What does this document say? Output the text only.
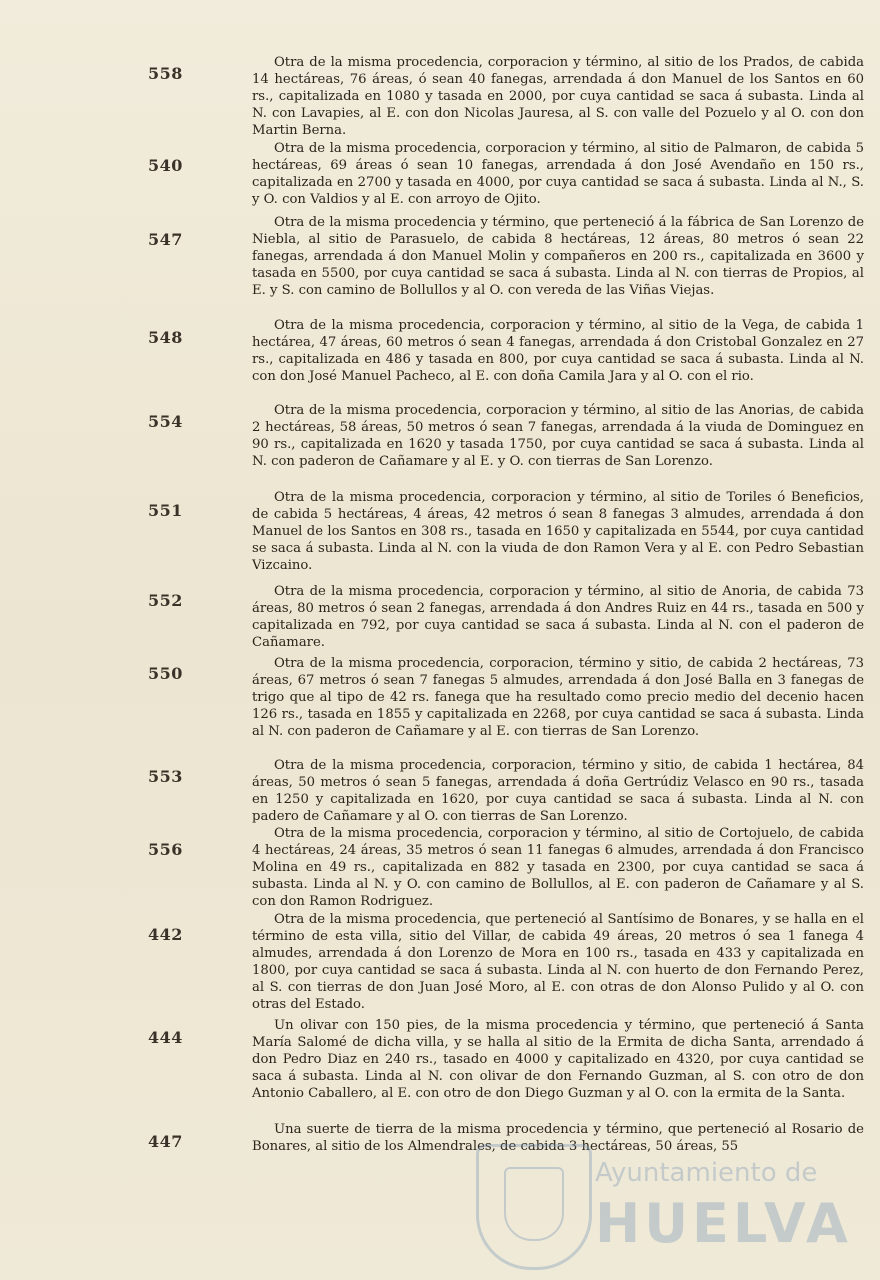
558
Otra de la misma procedencia, corporacion y término, al sitio de los Prados, de cabida 14 hectáreas, 76 áreas, ó sean 40 fanegas, arrendada á don Manuel de los Santos en 60 rs., capitalizada en 1080 y tasada en 2000, por cuya cantidad se saca á subasta. Linda al N. con Lavapies, al E. con don Nicolas Jauresa, al S. con valle del Pozuelo y al O. con don Martin Berna.
540
Otra de la misma procedencia, corporacion y término, al sitio de Palmaron, de cabida 5 hectáreas, 69 áreas ó sean 10 fanegas, arrendada á don José Avendaño en 150 rs., capitalizada en 2700 y tasada en 4000, por cuya cantidad se saca á subasta. Linda al N., S. y O. con Valdios y al E. con arroyo de Ojito.
547
Otra de la misma procedencia y término, que perteneció á la fábrica de San Lorenzo de Niebla, al sitio de Parasuelo, de cabida 8 hectáreas, 12 áreas, 80 metros ó sean 22 fanegas, arrendada á don Manuel Molin y compañeros en 200 rs., capitalizada en 3600 y tasada en 5500, por cuya cantidad se saca á subasta. Linda al N. con tierras de Propios, al E. y S. con camino de Bollullos y al O. con vereda de las Viñas Viejas.
548
Otra de la misma procedencia, corporacion y término, al sitio de la Vega, de cabida 1 hectárea, 47 áreas, 60 metros ó sean 4 fanegas, arrendada á don Cristobal Gonzalez en 27 rs., capitalizada en 486 y tasada en 800, por cuya cantidad se saca á subasta. Linda al N. con don José Manuel Pacheco, al E. con doña Camila Jara y al O. con el rio.
554
Otra de la misma procedencia, corporacion y término, al sitio de las Anorias, de cabida 2 hectáreas, 58 áreas, 50 metros ó sean 7 fanegas, arrendada á la viuda de Dominguez en 90 rs., capitalizada en 1620 y tasada 1750, por cuya cantidad se saca á subasta. Linda al N. con paderon de Cañamare y al E. y O. con tierras de San Lorenzo.
551
Otra de la misma procedencia, corporacion y término, al sitio de Toriles ó Beneficios, de cabida 5 hectáreas, 4 áreas, 42 metros ó sean 8 fanegas 3 almudes, arrendada á don Manuel de los Santos en 308 rs., tasada en 1650 y capitalizada en 5544, por cuya cantidad se saca á subasta. Linda al N. con la viuda de don Ramon Vera y al E. con Pedro Sebastian Vizcaino.
552	Otra de la misma procedencia, corporacion y término, al sitio de Anoria, de cabida 73 áreas, 80 metros ó sean 2 fanegas, arrendada á don Andres Ruiz en 44 rs., tasada en 500 y capitalizada en 792, por cuya cantidad se saca á subasta. Linda al N. con el paderon de Cañamare.
550
Otra de la misma procedencia, corporacion, término y sitio, de cabida 2 hectáreas, 73 áreas, 67 metros ó sean 7 fanegas 5 almudes, arrendada á don José Balla en 3 fanegas de trigo que al tipo de 42 rs. fanega que ha resultado como precio medio del decenio hacen 126 rs., tasada en 1855 y capitalizada en 2268, por cuya cantidad se saca á subasta. Linda al N. con paderon de Cañamare y al E. con tierras de San Lorenzo.
553
Otra de la misma procedencia, corporacion, término y sitio, de cabida 1 hectárea, 84 áreas, 50 metros ó sean 5 fanegas, arrendada á doña Gertrúdiz Velasco en 90 rs., tasada en 1250 y capitalizada en 1620, por cuya cantidad se saca á subasta. Linda al N. con padero de Cañamare y al O. con tierras de San Lorenzo.
556
Otra de la misma procedencia, corporacion y término, al sitio de Cortojuelo, de cabida 4 hectáreas, 24 áreas, 35 metros ó sean 11 fanegas 6 almudes, arrendada á don Francisco Molina en 49 rs., capitalizada en 882 y tasada en 2300, por cuya cantidad se saca á subasta. Linda al N. y O. con camino de Bollullos, al E. con paderon de Cañamare y al S. con don Ramon Rodriguez.
442
Otra de la misma procedencia, que perteneció al Santísimo de Bonares, y se halla en el término de esta villa, sitio del Villar, de cabida 49 áreas, 20 metros ó sea 1 fanega 4 almudes, arrendada á don Lorenzo de Mora en 100 rs., tasada en 433 y capitalizada en 1800, por cuya cantidad se saca á subasta. Linda al N. con huerto de don Fernando Perez, al S. con tierras de don Juan José Moro, al E. con otras de don Alonso Pulido y al O. con otras del Estado.
444
Un olivar con 150 pies, de la misma procedencia y término, que perteneció á Santa María Salomé de dicha villa, y se halla al sitio de la Ermita de dicha Santa, arrendado á don Pedro Diaz en 240 rs., tasado en 4000 y capitalizado en 4320, por cuya cantidad se saca á subasta. Linda al N. con olivar de don Fernando Guzman, al S. con otro de don Antonio Caballero, al E. con otro de don Diego Guzman y al O. con la ermita de la Santa.
447
Una suerte de tierra de la misma procedencia y término, que perteneció al Rosario de Bonares, al sitio de los Almendrales, de cabida 3 hectáreas, 50 áreas, 55
Ayuntamiento de
HUELVA
